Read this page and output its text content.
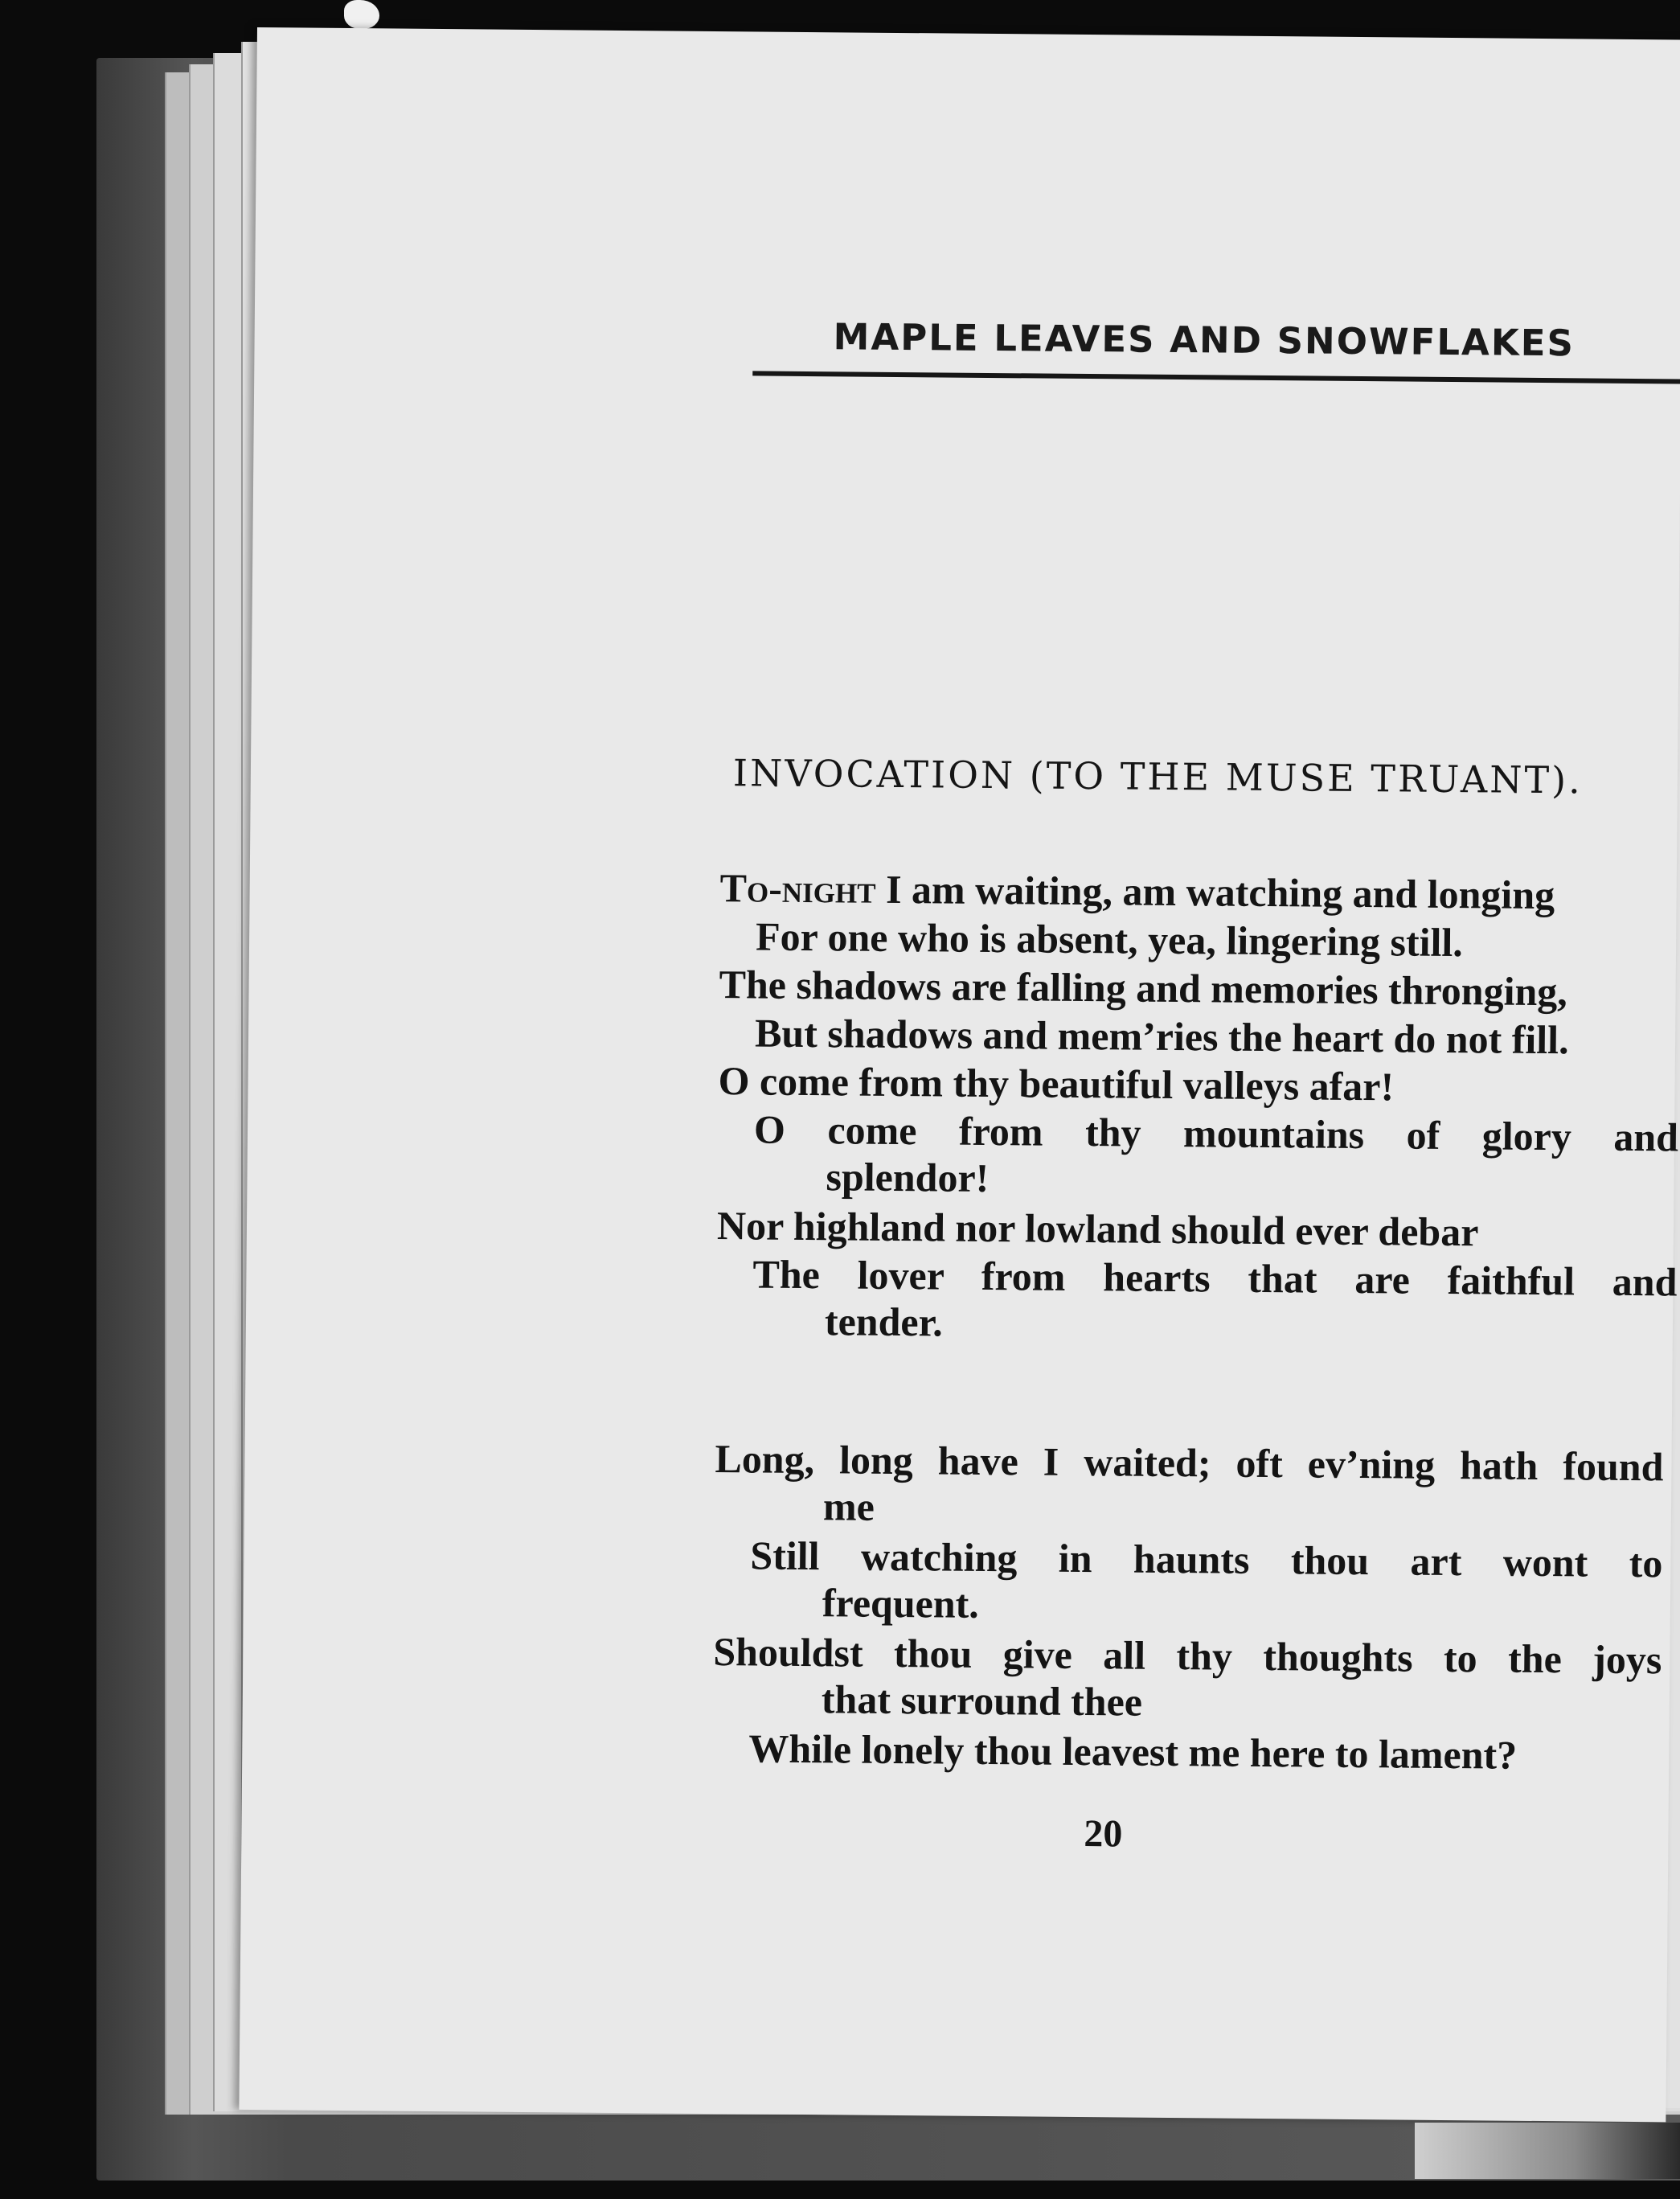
MAPLE LEAVES AND SNOWFLAKES
INVOCATION (TO THE MUSE TRUANT).
To-night I am waiting, am watching and longing
For one who is absent, yea, lingering still.
The shadows are falling and memories thronging,
But shadows and mem’ries the heart do not fill.
O come from thy beautiful valleys afar!
O come from thy mountains of glory and
splendor!
Nor highland nor lowland should ever debar
The lover from hearts that are faithful and
tender.
Long, long have I waited; oft ev’ning hath found
me
Still watching in haunts thou art wont to
frequent.
Shouldst thou give all thy thoughts to the joys
that surround thee
While lonely thou leavest me here to lament?
20
